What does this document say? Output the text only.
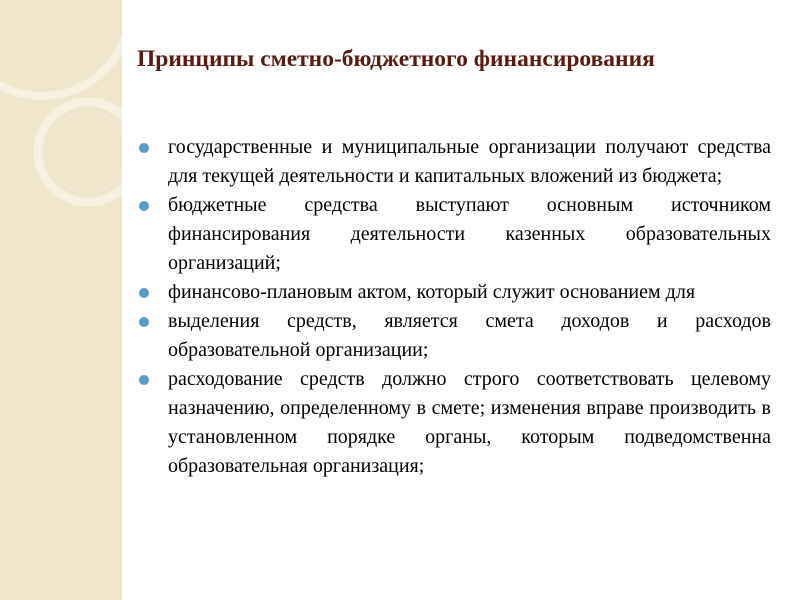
Принципы сметно-бюджетного финансирования
государственные и муниципальные организации получают средства для текущей деятельности и капитальных вложений из бюджета;
бюджетные средства выступают основным источником финансирования деятельности казенных образовательных организаций;
финансово-плановым актом, который служит основанием для
выделения средств, является смета доходов и расходов образовательной организации;
расходование средств должно строго соответствовать целевому назначению, определенному в смете; изменения вправе производить в установленном порядке органы, которым подведомственна образовательная организация;
